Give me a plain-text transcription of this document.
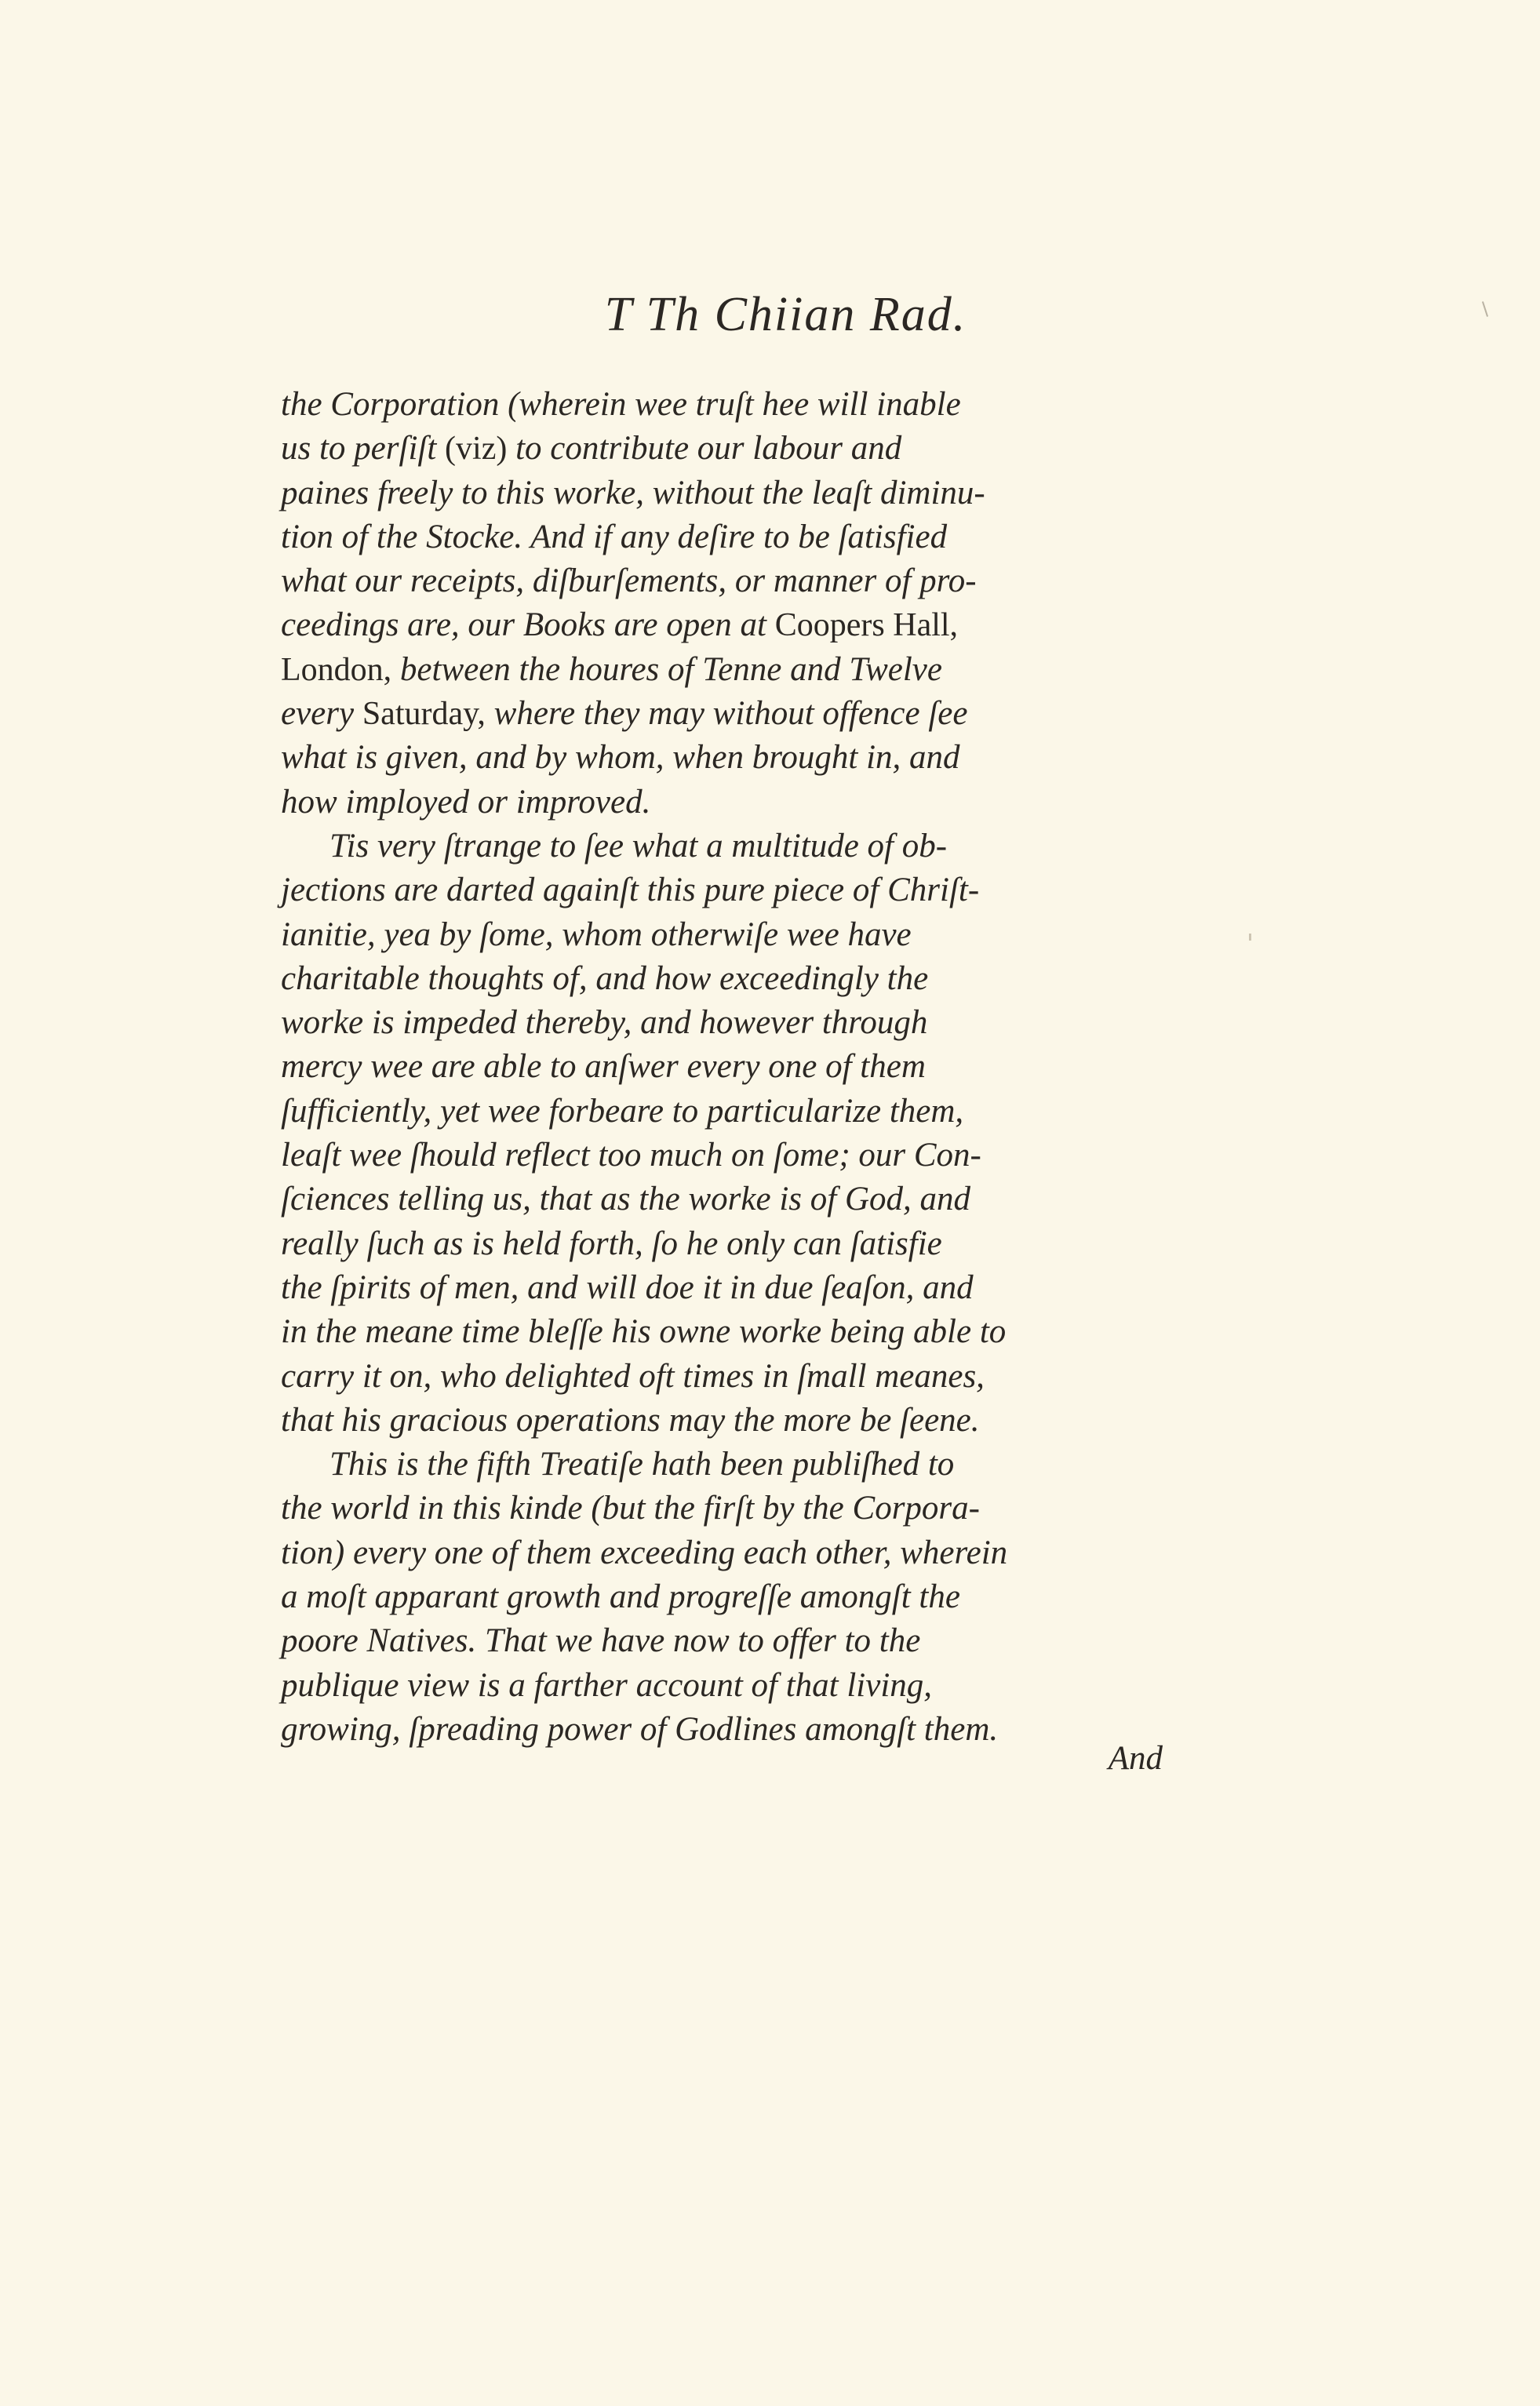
T Th Chiian Rad.
the Corporation (wherein wee truſt hee will inable
us to perſiſt (viz) to contribute our labour and
paines freely to this worke, without the leaſt diminu-
tion of the Stocke. And if any deſire to be ſatisfied
what our receipts, diſburſements, or manner of pro-
ceedings are, our Books are open at Coopers Hall,
London, between the houres of Tenne and Twelve
every Saturday, where they may without offence ſee
what is given, and by whom, when brought in, and
how imployed or improved.
Tis very ſtrange to ſee what a multitude of ob-
jections are darted againſt this pure piece of Chriſt-
ianitie, yea by ſome, whom otherwiſe wee have
charitable thoughts of, and how exceedingly the
worke is impeded thereby, and however through
mercy wee are able to anſwer every one of them
ſufficiently, yet wee forbeare to particularize them,
leaſt wee ſhould reflect too much on ſome; our Con-
ſciences telling us, that as the worke is of God, and
really ſuch as is held forth, ſo he only can ſatisfie
the ſpirits of men, and will doe it in due ſeaſon, and
in the meane time bleſſe his owne worke being able to
carry it on, who delighted oft times in ſmall meanes,
that his gracious operations may the more be ſeene.
This is the fifth Treatiſe hath been publiſhed to
the world in this kinde (but the firſt by the Corpora-
tion) every one of them exceeding each other, wherein
a moſt apparant growth and progreſſe amongſt the
poore Natives. That we have now to offer to the
publique view is a farther account of that living,
growing, ſpreading power of Godlines amongſt them.
And
